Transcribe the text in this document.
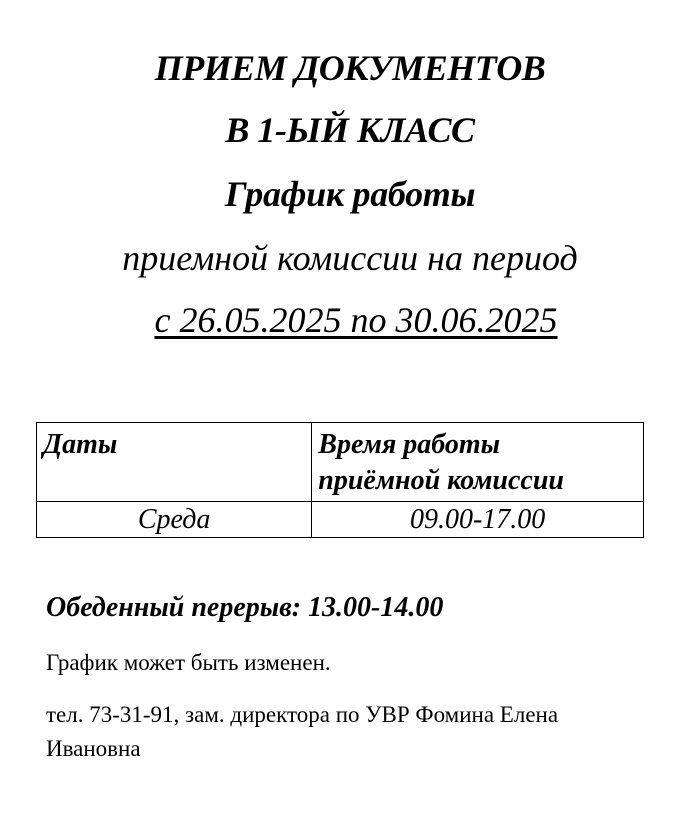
ПРИЕМ ДОКУМЕНТОВ
В 1-ЫЙ КЛАСС
График работы
приемной комиссии на период
с 26.05.2025 по 30.06.2025
Даты	Время работы
приёмной комиссии

Среда	09.00-17.00
Обеденный перерыв: 13.00-14.00
График может быть изменен.
тел. 73-31-91, зам. директора по УВР Фомина Елена Ивановна
